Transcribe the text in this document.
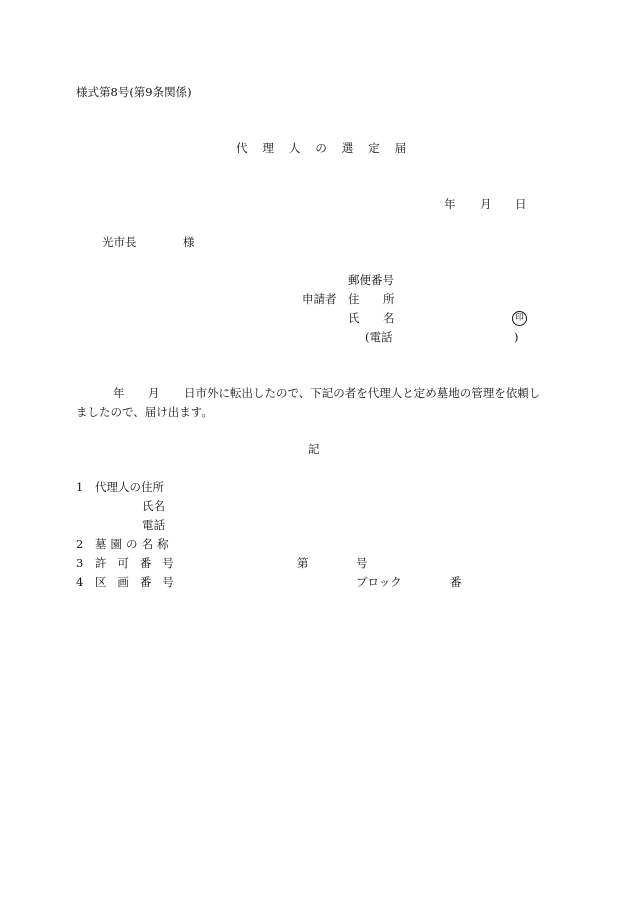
様式第8号(第9条関係)
代理人の選定届
年 月 日
光市長	様
郵便番号
申請者 住 所
氏 名	印
(電話	)
年 月 日市外に転出したので、下記の者を代理人と定め墓地の管理を依頼し
ましたので、届け出ます。
記
1 代理人の住所
氏名
電話
2 墓園の名称
3 許可番号	第	号
4 区画番号	ブロック	番
